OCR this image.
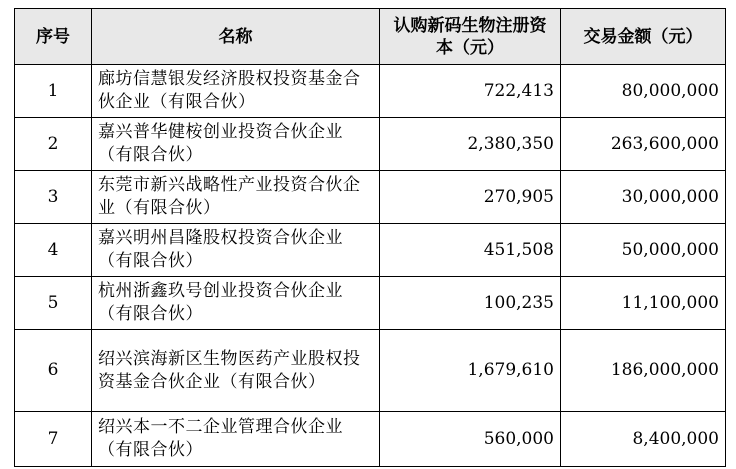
序号	名称	认购新码生物注册资本（元）	交易金额（元）
1	廊坊信慧银发经济股权投资基金合伙企业（有限合伙）	722,413	80,000,000
2	嘉兴普华健桉创业投资合伙企业（有限合伙）	2,380,350	263,600,000
3	东莞市新兴战略性产业投资合伙企业（有限合伙）	270,905	30,000,000
4	嘉兴明州昌隆股权投资合伙企业（有限合伙）	451,508	50,000,000
5	杭州浙鑫玖号创业投资合伙企业（有限合伙）	100,235	11,100,000
6	绍兴滨海新区生物医药产业股权投资基金合伙企业（有限合伙）	1,679,610	186,000,000
7	绍兴本一不二企业管理合伙企业（有限合伙）	560,000	8,400,000
